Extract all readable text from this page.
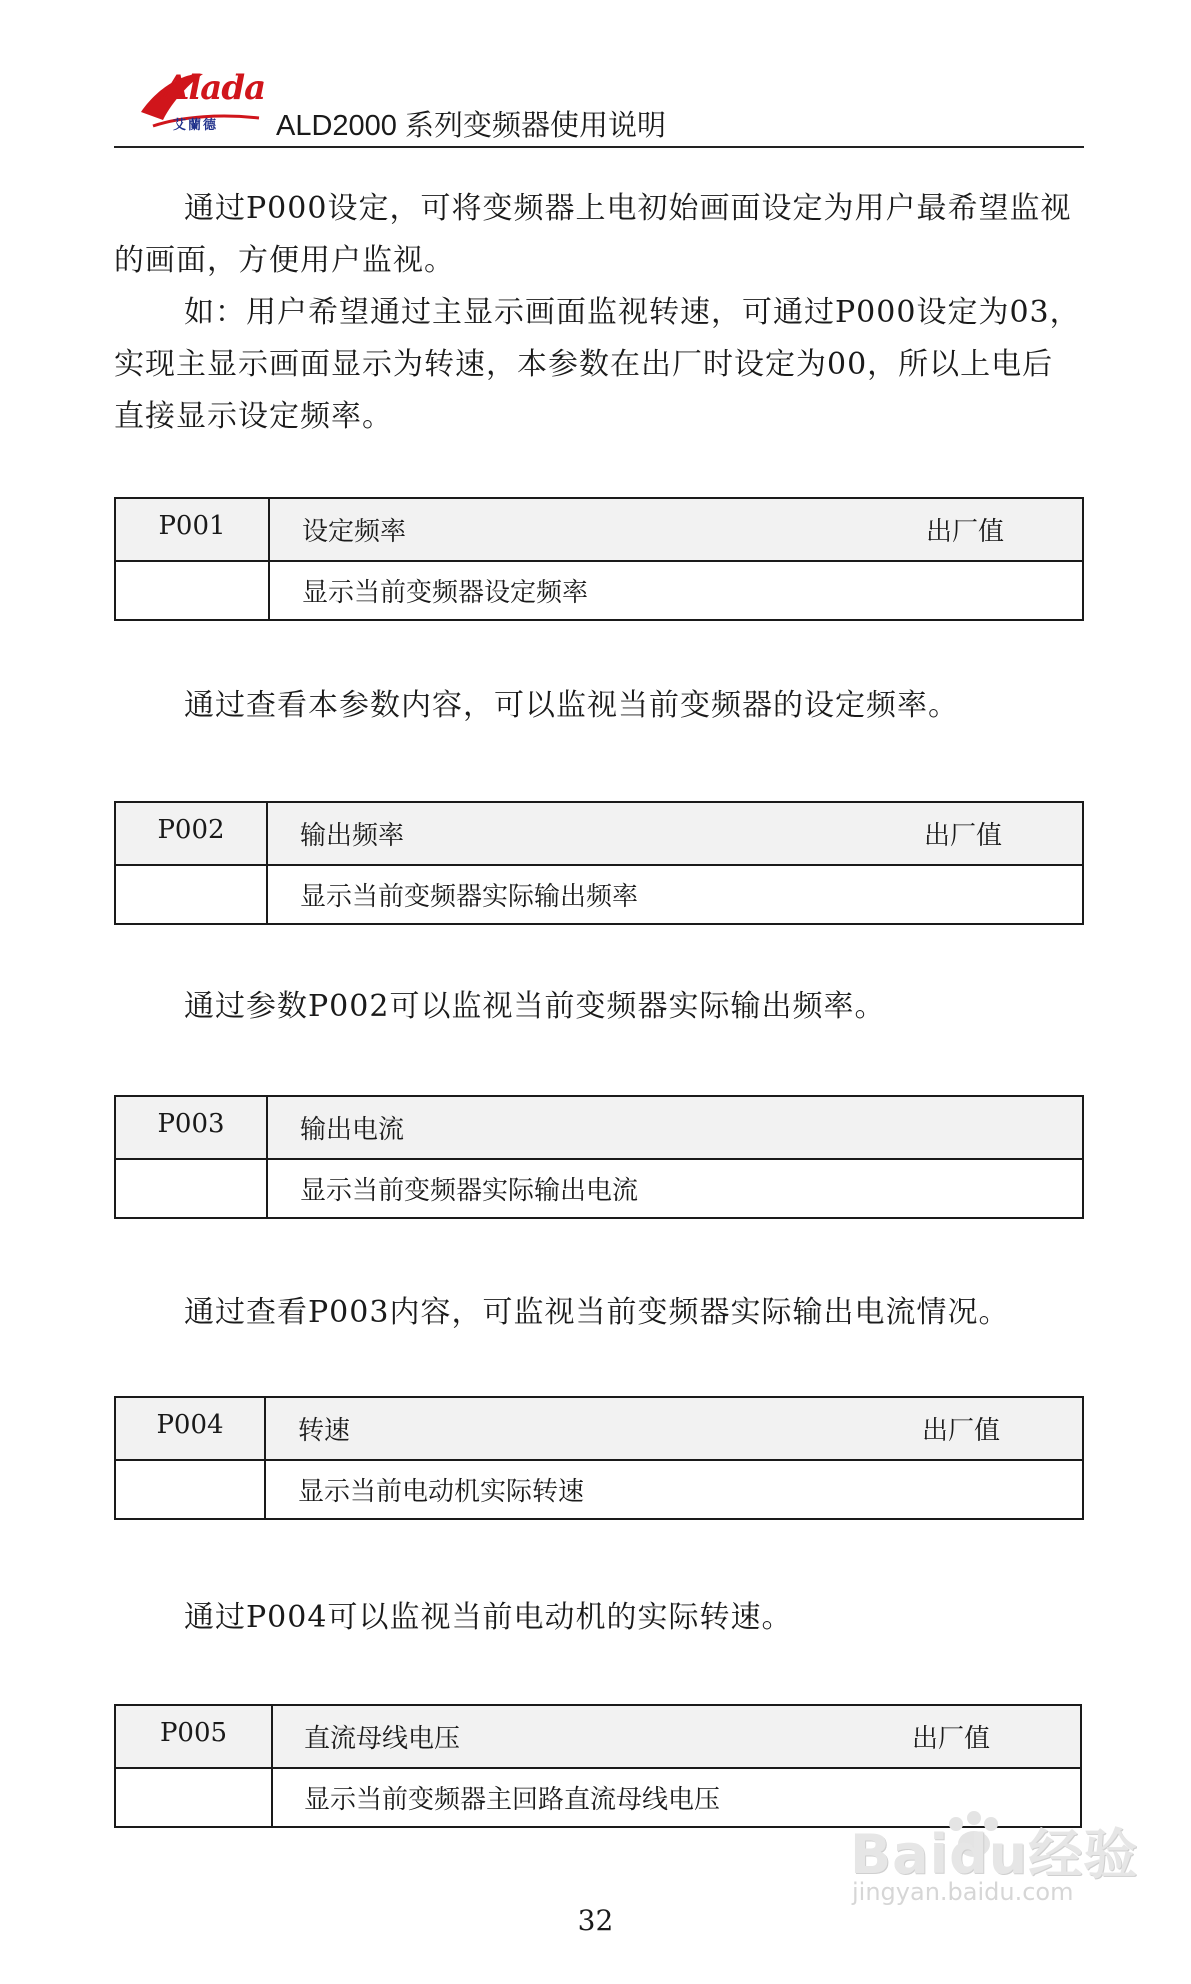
Alada
艾蘭德 ALD2000 系列变频器使用说明

通过P000设定，可将变频器上电初始画面设定为用户最希望监视的画面，方便用户监视。

如：用户希望通过主显示画面监视转速，可通过P000设定为03，实现主显示画面显示为转速，本参数在出厂时设定为00，所以上电后直接显示设定频率。

P001	设定频率	出厂值
显示当前变频器设定频率
通过查看本参数内容，可以监视当前变频器的设定频率。
P002	输出频率	出厂值
显示当前变频器实际输出频率
通过参数P002可以监视当前变频器实际输出频率。
P003	输出电流
显示当前变频器实际输出电流
通过查看P003内容，可监视当前变频器实际输出电流情况。
P004	转速	出厂值
显示当前电动机实际转速
通过P004可以监视当前电动机的实际转速。
P005	直流母线电压	出厂值
显示当前变频器主回路直流母线电压
32
Baidu经验
jingyan.baidu.com
